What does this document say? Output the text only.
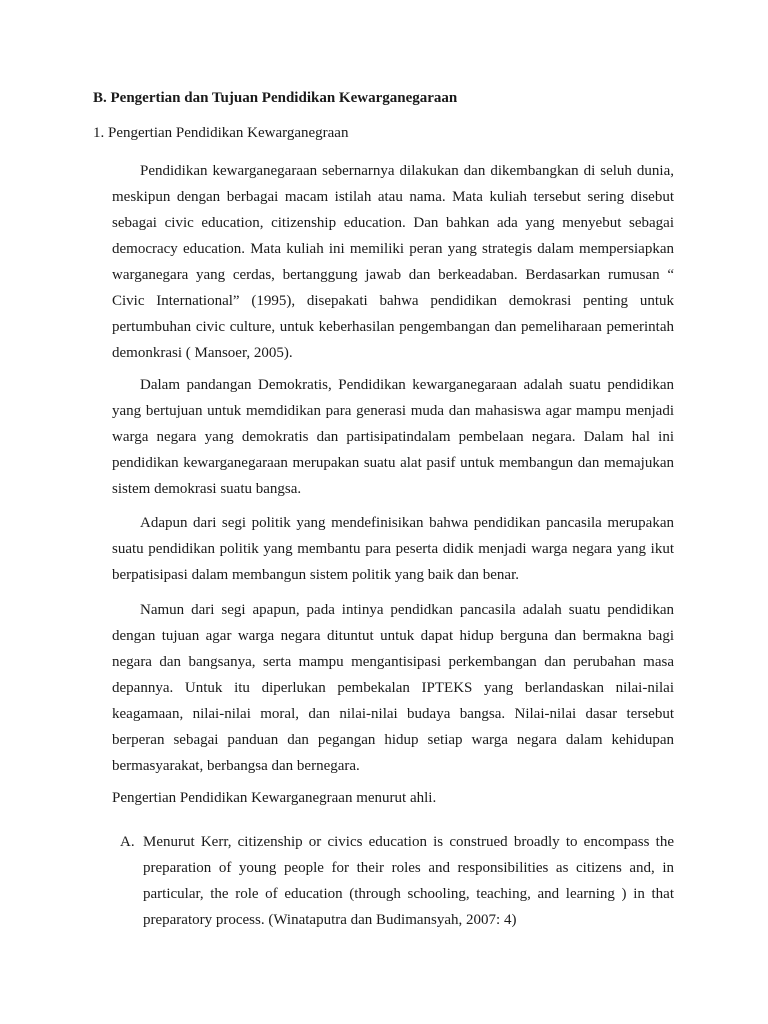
B. Pengertian dan Tujuan Pendidikan Kewarganegaraan
1. Pengertian Pendidikan Kewarganegraan

Pendidikan kewarganegaraan sebernarnya dilakukan dan dikembangkan di seluh dunia, meskipun dengan berbagai macam istilah atau nama. Mata kuliah tersebut sering disebut sebagai civic education, citizenship education. Dan bahkan ada yang menyebut sebagai democracy education. Mata kuliah ini memiliki peran yang strategis dalam mempersiapkan warganegara yang cerdas, bertanggung jawab dan berkeadaban. Berdasarkan rumusan “ Civic International” (1995), disepakati bahwa pendidikan demokrasi penting untuk pertumbuhan civic culture, untuk keberhasilan pengembangan dan pemeliharaan pemerintah demonkrasi ( Mansoer, 2005).

Dalam pandangan Demokratis, Pendidikan kewarganegaraan adalah suatu pendidikan yang bertujuan untuk memdidikan para generasi muda dan mahasiswa agar mampu menjadi warga negara yang demokratis dan partisipatindalam pembelaan negara. Dalam hal ini pendidikan kewarganegaraan merupakan suatu alat pasif untuk membangun dan memajukan sistem demokrasi suatu bangsa.

Adapun dari segi politik yang mendefinisikan bahwa pendidikan pancasila merupakan suatu pendidikan politik yang membantu para peserta didik menjadi warga negara yang ikut berpatisipasi dalam membangun sistem politik yang baik dan benar.

Namun dari segi apapun, pada intinya pendidkan pancasila adalah suatu pendidikan dengan tujuan agar warga negara dituntut untuk dapat hidup berguna dan bermakna bagi negara dan bangsanya, serta mampu mengantisipasi perkembangan dan perubahan masa depannya. Untuk itu diperlukan pembekalan IPTEKS yang berlandaskan nilai-nilai keagamaan, nilai-nilai moral, dan nilai-nilai budaya bangsa. Nilai-nilai dasar tersebut berperan sebagai panduan dan pegangan hidup setiap warga negara dalam kehidupan bermasyarakat, berbangsa dan bernegara.

Pengertian Pendidikan Kewarganegraan menurut ahli.
A. Menurut Kerr, citizenship or civics education is construed broadly to encompass the preparation of young people for their roles and responsibilities as citizens and, in particular, the role of education (through schooling, teaching, and learning ) in that preparatory process. (Winataputra dan Budimansyah, 2007: 4)
